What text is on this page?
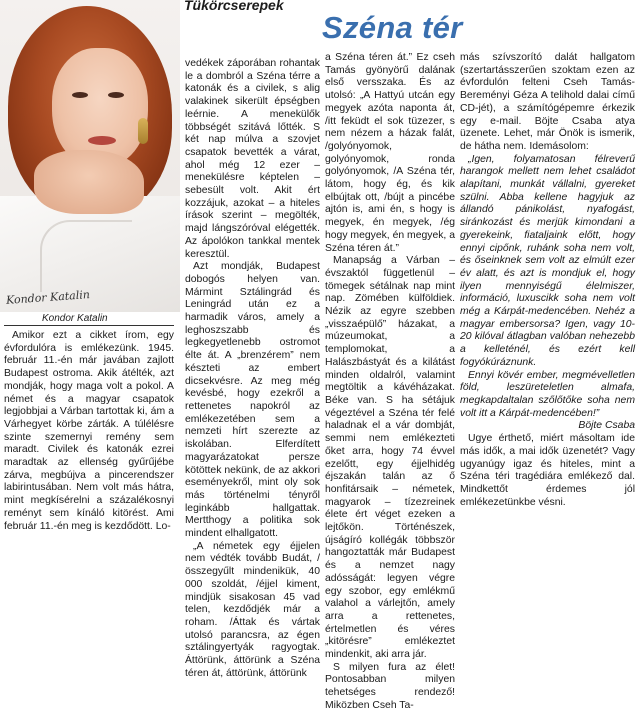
Tükörcserepek
Széna tér
Kondor Katalin
Kondor Katalin

Amikor ezt a cikket írom, egy évfordulóra is emlékezünk. 1945. február 11.-én már javában zajlott Budapest ostroma. Akik átélték, azt mondják, hogy maga volt a pokol. A német és a magyar csapatok legjobbjai a Várban tartottak ki, ám a Várhegyet körbe zárták. A túlélésre szinte szemernyi remény sem maradt. Civilek és katonák ezrei maradtak az ellenség gyűrűjébe zárva, megbújva a pincerendszer labirintusában. Nem volt más hátra, mint megkísérelni a százalékosnyi reményt sem kínáló kitörést. Ami február 11.-én meg is kezdődött. Lo-

vedékek záporában rohantak le a dombról a Széna térre a katonák és a civilek, s alig valakinek sikerült épségben leérnie. A menekülők többségét szitává lőtték. S két nap múlva a szovjet csapatok bevették a várat, ahol még 12 ezer – menekülésre képtelen – sebesült volt. Akit ért kozzájuk, azokat – a hiteles írások szerint – megölték, majd lángszóróval elégették. Az ápolókon tankkal mentek keresztül.

Azt mondják, Budapest dobogós helyen van. Mármint Sztálingrád és Leningrád után ez a harmadik város, amely a leghoszszabb és legkegyetlenebb ostromot élte át. A „brenzérem” nem készteti az embert dicsekvésre. Az meg még kevésbé, hogy ezekről a rettenetes napokról az emlékezetében sem a nemzeti hírt szerezte az iskolában. Elferdített magyarázatokat persze kötöttek nekünk, de az akkori eseményekről, mint oly sok más történelmi tényről leginkább hallgattak. Mertthogy a politika sok mindent elhallgatott.

„A németek egy éjjelen nem védték tovább Budát, /összegyűlt mindenikük, 40 000 szoldát, /éjjel kiment, mindjük sisakosan 45 vad telen, kezdődjék már a roham. /Áttak és vártak utolsó parancsra, az égen sztálingyertyák ragyogtak. Áttörünk, áttörünk a Széna téren át, áttörünk, áttörünk

a Széna téren át.” Ez cseh Tamás gyönyörű dalának első versszaka. És az utolsó: „A Hattyú utcán egy megyek azóta naponta át, /itt feküdt el sok tüzezer, s nem nézem a házak falát, /golyónyomok, golyónyomok, ronda golyónyomok, /A Széna tér, látom, hogy ég, és kik elbújtak ott, /bújt a pincébe ajtón is, ami én, s hogy is megyek, én megyek, /ég hogy megyek, én megyek, a Széna téren át.”

Manapság a Várban – évszaktól függetlenül – tömegek sétálnak nap mint nap. Zömében külföldiek. Nézik az egyre szebben „visszaépülő” házakat, a múzeumokat, a templomokat, a Halászbástyát és a kilátást minden oldalról, valamint megtöltik a kávéházakat. Béke van. S ha sétájuk végeztével a Széna tér felé haladnak el a vár dombját, semmi nem emlékezteti őket arra, hogy 74 évvel ezelőtt, egy éjjelhidég éjszakán talán az ő honfitársaik – németek, magyarok – tízezreinek élete ért véget ezeken a lejtőkön. Történészek, újságíró kollégák többször hangoztatták már Budapest és a nemzet nagy adósságát: legyen végre egy szobor, egy emlékmű valahol a várlejtőn, amely arra a rettenetes, értelmetlen és véres „kitörésre” emlékeztet mindenkit, aki arra jár.

S milyen fura az élet! Pontosabban milyen tehetséges rendező! Miközben Cseh Ta-

más szívszorító dalát hallgatom (szertartásszerűen szoktam ezen az évfordulón felteni Cseh Tamás-Bereményi Géza A telihold dalai című CD-jét), a számítógépemre érkezik egy e-mail. Böjte Csaba atya üzenete. Lehet, már Önök is ismerik, de hátha nem. Idemásolom:

„Igen, folyamatosan félreverű harangok mellett nem lehet családot alapítani, munkát vállalni, gyereket szülni. Abba kellene hagyjuk az állandó pánikolást, nyafogást, siránkozást és merjük kimondani a gyerekeink, fiataljaink előtt, hogy ennyi cipőnk, ruhánk soha nem volt, és őseinknek sem volt az elmúlt ezer év alatt, és azt is mondjuk el, hogy ilyen mennyiségű élelmiszer, információ, luxuscikk soha nem volt még a Kárpát-medencében. Nehéz a magyar embersorsa? Igen, vagy 10-20 kilóval átlagban valóban nehezebb a kelleténél, és ezért kell fogyókúráznunk.

Ennyi kövér ember, megmévelletlen föld, leszüreteletlen almafa, megkapdaltalan szőlőtőke soha nem volt itt a Kárpát-medencében!”

Böjte Csaba

Ugye érthető, miért másoltam ide más idők, a mai idők üzenetét? Vagy ugyanúgy igaz és hiteles, mint a Széna téri tragédiára emlékező dal. Mindkettőt érdemes jól emlékezetünkbe vésni.
